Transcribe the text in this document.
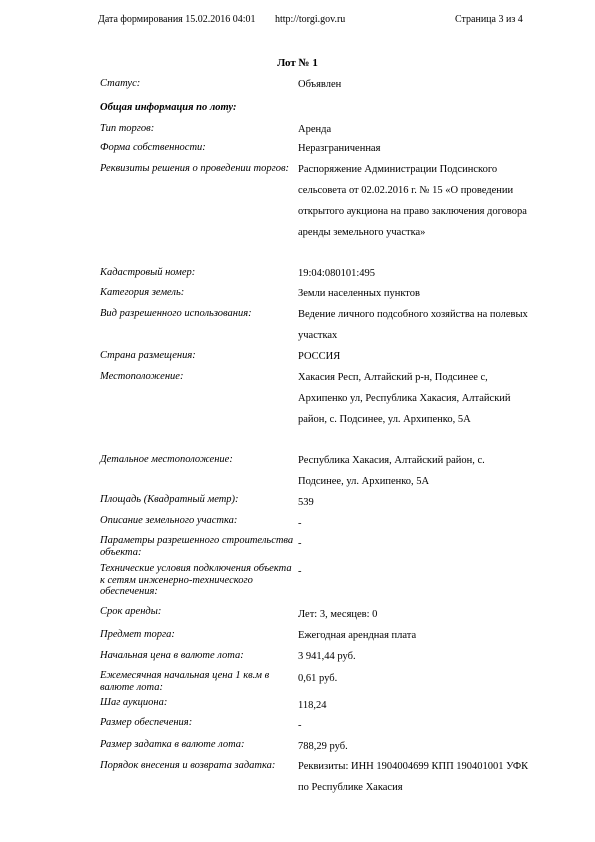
Дата формирования 15.02.2016 04:01 http://torgi.gov.ru	Страница 3 из 4
Лот № 1
Статус:	Объявлен
Общая информация по лоту:
Тип торгов:	Аренда
Форма собственности:	Неразграниченная
Реквизиты решения о проведении торгов: Распоряжение Администрации Подсинского сельсовета от 02.02.2016 г. № 15 «О проведении открытого аукциона на право заключения договора аренды земельного участка»
Кадастровый номер:	19:04:080101:495
Категория земель:	Земли населенных пунктов
Вид разрешенного использования:	Ведение личного подсобного хозяйства на полевых участках
Страна размещения:	РОССИЯ
Местоположение:	Хакасия Респ, Алтайский р-н, Подсинее с, Архипенко ул, Республика Хакасия, Алтайский район, с. Подсинее, ул. Архипенко, 5А
Детальное местоположение:	Республика Хакасия, Алтайский район, с. Подсинее, ул. Архипенко, 5А
Площадь (Квадратный метр):	539
Описание земельного участка:	-
Параметры разрешенного строительства объекта:
-
Технические условия подключения объекта к сетям инженерно-технического обеспечения:
-
Срок аренды:	Лет: 3, месяцев: 0
Предмет торга:	Ежегодная арендная плата
Начальная цена в валюте лота:	3 941,44 руб.
Ежемесячная начальная цена 1 кв.м в валюте лота:
0,61 руб.
Шаг аукциона:	118,24
Размер обеспечения:	-
Размер задатка в валюте лота:	788,29 руб.
Порядок внесения и возврата задатка:	Реквизиты: ИНН 1904004699 КПП 190401001 УФК по Республике Хакасия
